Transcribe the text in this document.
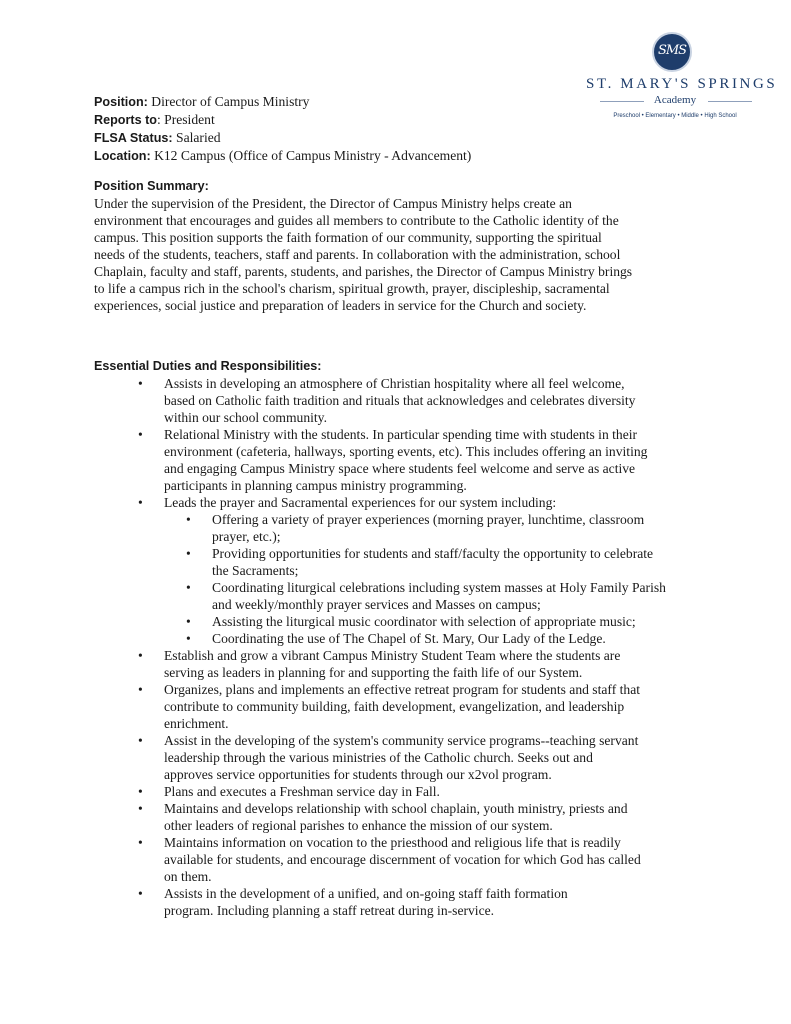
SMS
ST. MARY'S SPRINGS
Academy
Preschool • Elementary • Middle • High School
Position: Director of Campus Ministry
Reports to: President
FLSA Status: Salaried
Location: K12 Campus (Office of Campus Ministry - Advancement)
Position Summary:
Under the supervision of the President, the Director of Campus Ministry helps create an
environment that encourages and guides all members to contribute to the Catholic identity of the
campus. This position supports the faith formation of our community, supporting the spiritual
needs of the students, teachers, staff and parents. In collaboration with the administration, school
Chaplain, faculty and staff, parents, students, and parishes, the Director of Campus Ministry brings
to life a campus rich in the school's charism, spiritual growth, prayer, discipleship, sacramental
experiences, social justice and preparation of leaders in service for the Church and society.
Essential Duties and Responsibilities:
• Assists in developing an atmosphere of Christian hospitality where all feel welcome,
based on Catholic faith tradition and rituals that acknowledges and celebrates diversity
within our school community.
• Relational Ministry with the students. In particular spending time with students in their
environment (cafeteria, hallways, sporting events, etc). This includes offering an inviting
and engaging Campus Ministry space where students feel welcome and serve as active
participants in planning campus ministry programming.
• Leads the prayer and Sacramental experiences for our system including:
• Offering a variety of prayer experiences (morning prayer, lunchtime, classroom
prayer, etc.);
• Providing opportunities for students and staff/faculty the opportunity to celebrate
the Sacraments;
• Coordinating liturgical celebrations including system masses at Holy Family Parish
and weekly/monthly prayer services and Masses on campus;
• Assisting the liturgical music coordinator with selection of appropriate music;
• Coordinating the use of The Chapel of St. Mary, Our Lady of the Ledge.
• Establish and grow a vibrant Campus Ministry Student Team where the students are
serving as leaders in planning for and supporting the faith life of our System.
• Organizes, plans and implements an effective retreat program for students and staff that
contribute to community building, faith development, evangelization, and leadership
enrichment.
• Assist in the developing of the system's community service programs--teaching servant
leadership through the various ministries of the Catholic church. Seeks out and
approves service opportunities for students through our x2vol program.
• Plans and executes a Freshman service day in Fall.
• Maintains and develops relationship with school chaplain, youth ministry, priests and
other leaders of regional parishes to enhance the mission of our system.
• Maintains information on vocation to the priesthood and religious life that is readily
available for students, and encourage discernment of vocation for which God has called
on them.
• Assists in the development of a unified, and on-going staff faith formation
program. Including planning a staff retreat during in-service.
